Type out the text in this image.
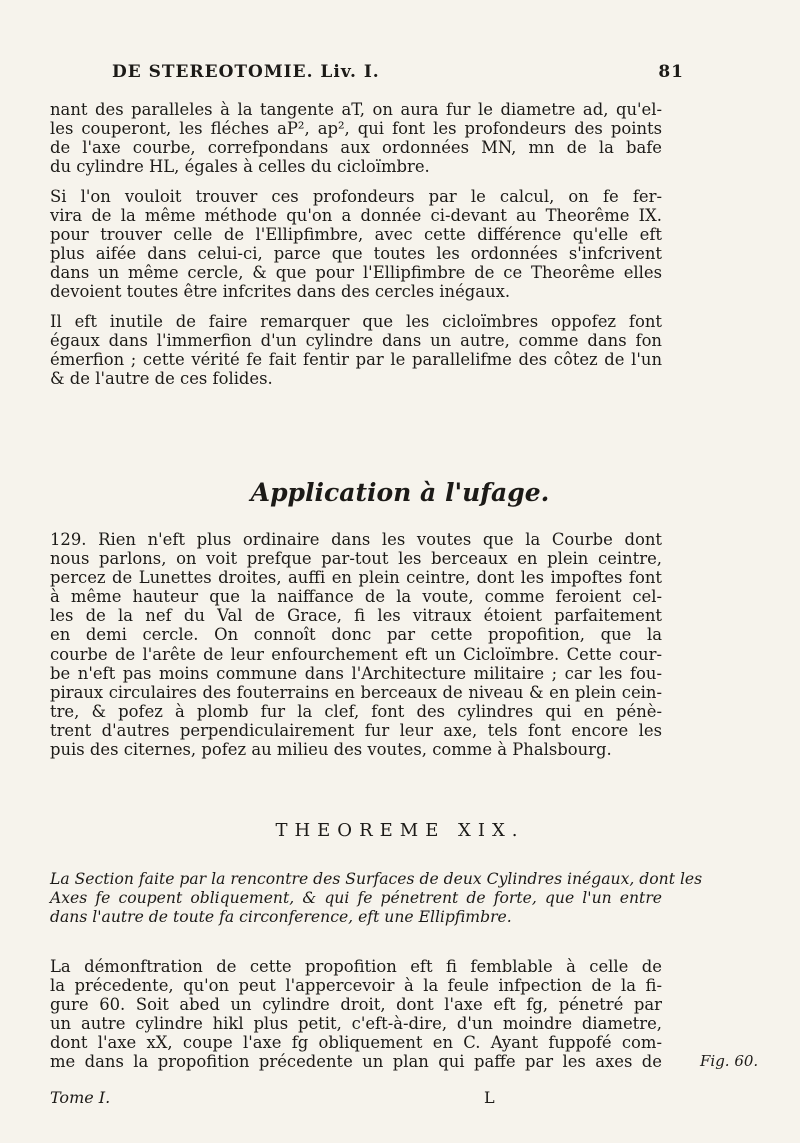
DE STEREOTOMIE. Liv. I.	81
nant des paralleles à la tangente aT, on aura fur le diametre ad, qu'el-
les couperont, les fléches aP², ap², qui font les profondeurs des points
de l'axe courbe, correfpondans aux ordonnées MN, mn de la bafe
du cylindre HL, égales à celles du cicloïmbre.
Si l'on vouloit trouver ces profondeurs par le calcul, on fe fer-
vira de la même méthode qu'on a donnée ci-devant au Theorême IX.
pour trouver celle de l'Ellipfimbre, avec cette différence qu'elle eft
plus aifée dans celui-ci, parce que toutes les ordonnées s'infcrivent
dans un même cercle, & que pour l'Ellipfimbre de ce Theorême elles
devoient toutes être infcrites dans des cercles inégaux.
Il eft inutile de faire remarquer que les cicloïmbres oppofez font
égaux dans l'immerfion d'un cylindre dans un autre, comme dans fon
émerfion ; cette vérité fe fait fentir par le parallelifme des côtez de l'un
& de l'autre de ces folides.
Application à l'ufage.
129. Rien n'eft plus ordinaire dans les voutes que la Courbe dont
nous parlons, on voit prefque par-tout les berceaux en plein ceintre,
percez de Lunettes droites, auffi en plein ceintre, dont les impoftes font
à même hauteur que la naiffance de la voute, comme feroient cel-
les de la nef du Val de Grace, fi les vitraux étoient parfaitement
en demi cercle. On connoît donc par cette propofition, que la
courbe de l'arête de leur enfourchement eft un Cicloïmbre. Cette cour-
be n'eft pas moins commune dans l'Architecture militaire ; car les fou-
piraux circulaires des fouterrains en berceaux de niveau & en plein cein-
tre, & pofez à plomb fur la clef, font des cylindres qui en pénè-
trent d'autres perpendiculairement fur leur axe, tels font encore les
puis des citernes, pofez au milieu des voutes, comme à Phalsbourg.
THEOREME XIX.
La Section faite par la rencontre des Surfaces de deux Cylindres inégaux, dont les
Axes fe coupent obliquement, & qui fe pénetrent de forte, que l'un entre
dans l'autre de toute fa circonference, eft une Ellipfimbre.
La démonftration de cette propofition eft fi femblable à celle de
la précedente, qu'on peut l'appercevoir à la feule infpection de la fi-
gure 60. Soit abed un cylindre droit, dont l'axe eft fg, pénetré par
un autre cylindre hikl plus petit, c'eft-à-dire, d'un moindre diametre,
dont l'axe xX, coupe l'axe fg obliquement en C. Ayant fuppofé com-
me dans la propofition précedente un plan qui paffe par les axes de	Fig. 60.
Tome I.	L
